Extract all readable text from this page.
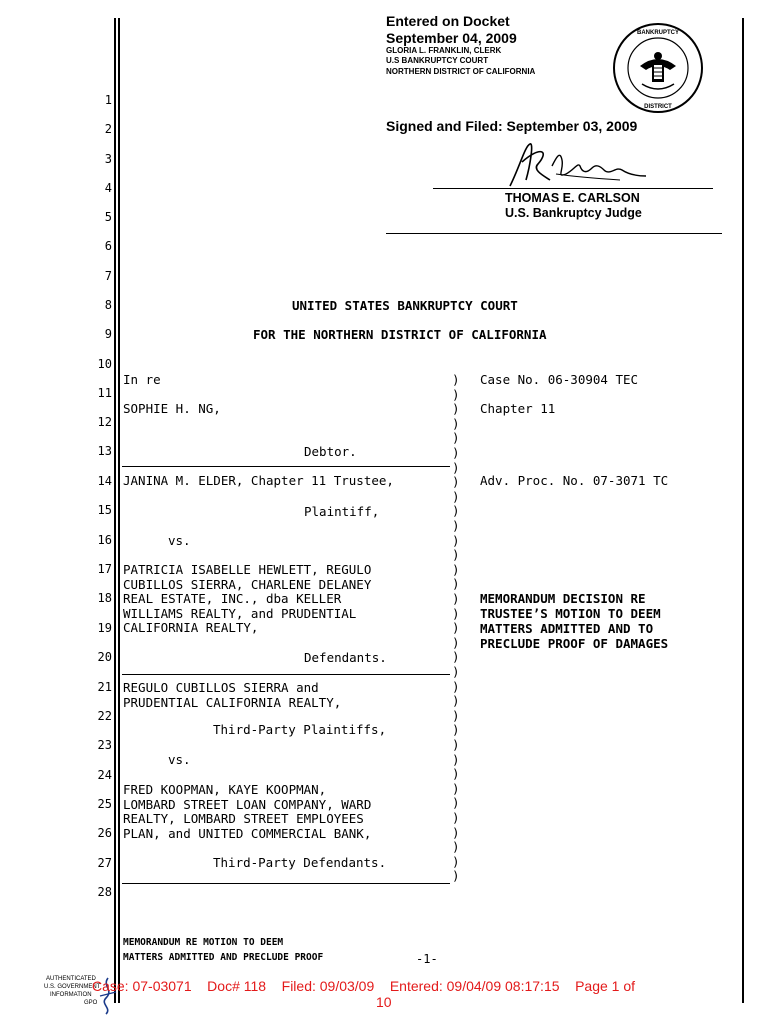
Entered on Docket
September 04, 2009
GLORIA L. FRANKLIN, CLERK
U.S BANKRUPTCY COURT
NORTHERN DISTRICT OF CALIFORNIA
BANKRUPTCY
DISTRICT
Signed and Filed: September 03, 2009
THOMAS E. CARLSON
U.S. Bankruptcy Judge
1
2
3
4
5
6
7
8
9
10
11
12
13
14
15
16
17
18
19
20
21
22
23
24
25
26
27
28
UNITED STATES BANKRUPTCY COURT
FOR THE NORTHERN DISTRICT OF CALIFORNIA
In re
SOPHIE H. NG,
Debtor.
JANINA M. ELDER, Chapter 11 Trustee,
Plaintiff,
vs.
PATRICIA ISABELLE HEWLETT, REGULO
CUBILLOS SIERRA, CHARLENE DELANEY
REAL ESTATE, INC., dba KELLER
WILLIAMS REALTY, and PRUDENTIAL
CALIFORNIA REALTY,
Defendants.
REGULO CUBILLOS SIERRA and
PRUDENTIAL CALIFORNIA REALTY,
Third-Party Plaintiffs,
vs.
FRED KOOPMAN, KAYE KOOPMAN,
LOMBARD STREET LOAN COMPANY, WARD
REALTY, LOMBARD STREET EMPLOYEES
PLAN, and UNITED COMMERCIAL BANK,
Third-Party Defendants.
)
)
)
)
)
)
)
)
)
)
)
)
)
)
)
)
)
)
)
)
)
)
)
)
)
)
)
)
)
)
)
)
)
)
)
Case No. 06-30904 TEC
Chapter 11
Adv. Proc. No. 07-3071 TC
MEMORANDUM DECISION RE
TRUSTEE’S MOTION TO DEEM
MATTERS ADMITTED AND TO
PRECLUDE PROOF OF DAMAGES
MEMORANDUM RE MOTION TO DEEM
MATTERS ADMITTED AND PRECLUDE PROOF	-1-
AUTHENTICATED
U.S. GOVERNMENT
INFORMATION
GPO
Case: 07-03071    Doc# 118    Filed: 09/03/09    Entered: 09/04/09 08:17:15    Page 1 of
10
